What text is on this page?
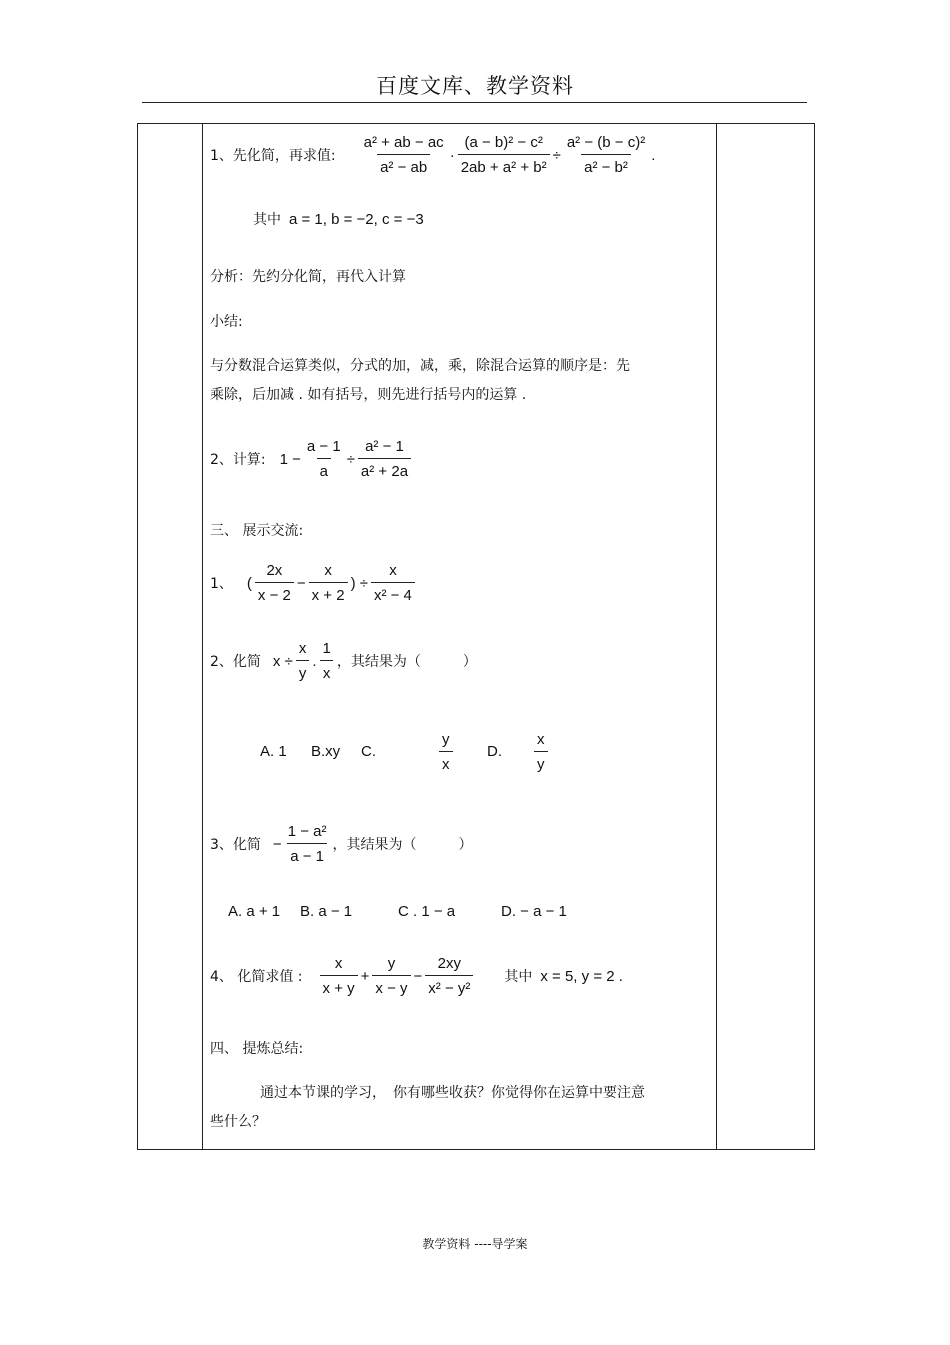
百度文库、教学资料
1、先化简，再求值: $\frac{\text{a² + ab − ac}}{\text{a² − ab}} \cdot \frac{\text{(a − b)² − c²}}{\text{2ab + a² + b²}} \div \frac{\text{a² − (b − c)²}}{\text{a² − b²}}$ .
其中 a = 1, b = −2, c = −3
分析：先约分化简，再代入计算
小结:
与分数混合运算类似，分式的加，减，乘，除混合运算的顺序是：先
乘除，后加减 . 如有括号，则先进行括号内的运算 .
2、计算: $1 - \frac{a - 1}{a} \div \frac{\text{a² − 1}}{\text{a² + 2a}}$
三、 展示交流:
1、 ( $\frac{2x}{x - 2} - \frac{x}{x + 2}$ ) ÷ $\frac{x}{\text{x² − 4}}$
2、化简 $x \div \frac{x}{y}$ . $\frac{1}{x}$ ，其结果为（　　　）
A. 1 B.xy C.	$\frac{y}{x} D$. $\frac{x}{y}$
3、化简 − $\frac{\text{1 − a²}}{a - 1}$ ，其结果为（　　　）
A. a + 1 B. a − 1	C . 1 − a	D. − a − 1
4、 化简求值 : $\frac{x}{x + y} + \frac{y}{x - y} - \frac{2xy}{\text{x² − y²}}$ 其中 x = 5, y = 2 .
四、 提炼总结:
通过本节课的学习，　你有哪些收获？你觉得你在运算中要注意
些什么？
教学资料 ----导学案
